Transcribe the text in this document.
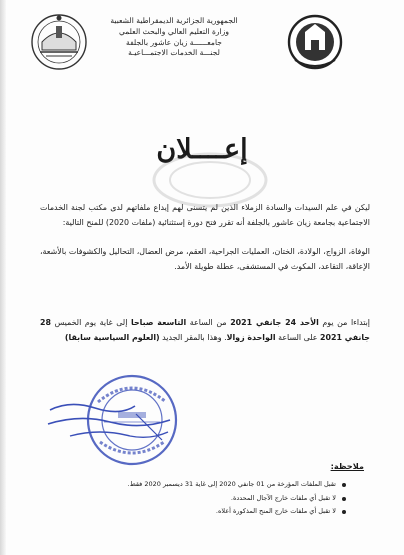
الجمهورية الجزائرية الديمقراطية الشعبية
وزارة التعليم العالي والبحث العلمي
جامعــــــة زيان عاشور بالجلفة
لجنـــة الخدمات الاجتمـــاعيـة
إعــــلان
ليكن في علم السيدات والسادة الزملاء الذين لم يتسنى لهم إيداع ملفاتهم لدى مكتب لجنة الخدمات الاجتماعية بجامعة زيان عاشور بالجلفة أنه تقرر فتح دورة إستثنائية (ملفات 2020) للمنح التالية:
الوفاة، الزواج، الولادة، الختان، العمليات الجراحية، العقم، مرض العضال، التحاليل والكشوفات بالأشعة، الإعاقة، التقاعد، المكوث في المستشفى، عطلة طويلة الأمد.
إبتداءا من يوم الأحد 24 جانفي 2021 من الساعة التاسعة صباحا إلى غاية يوم الخميس 28 جانفي 2021 على الساعة الواحدة زوالا. وهذا بالمقر الجديد (العلوم السياسية سابقا)
ملاحظة:
تقبل الملفات المؤرخة من 01 جانفي 2020 إلى غاية 31 ديسمبر 2020 فقط.
لا تقبل أي ملفات خارج الآجال المحددة.
لا تقبل أي ملفات خارج المنح المذكورة أعلاه.
